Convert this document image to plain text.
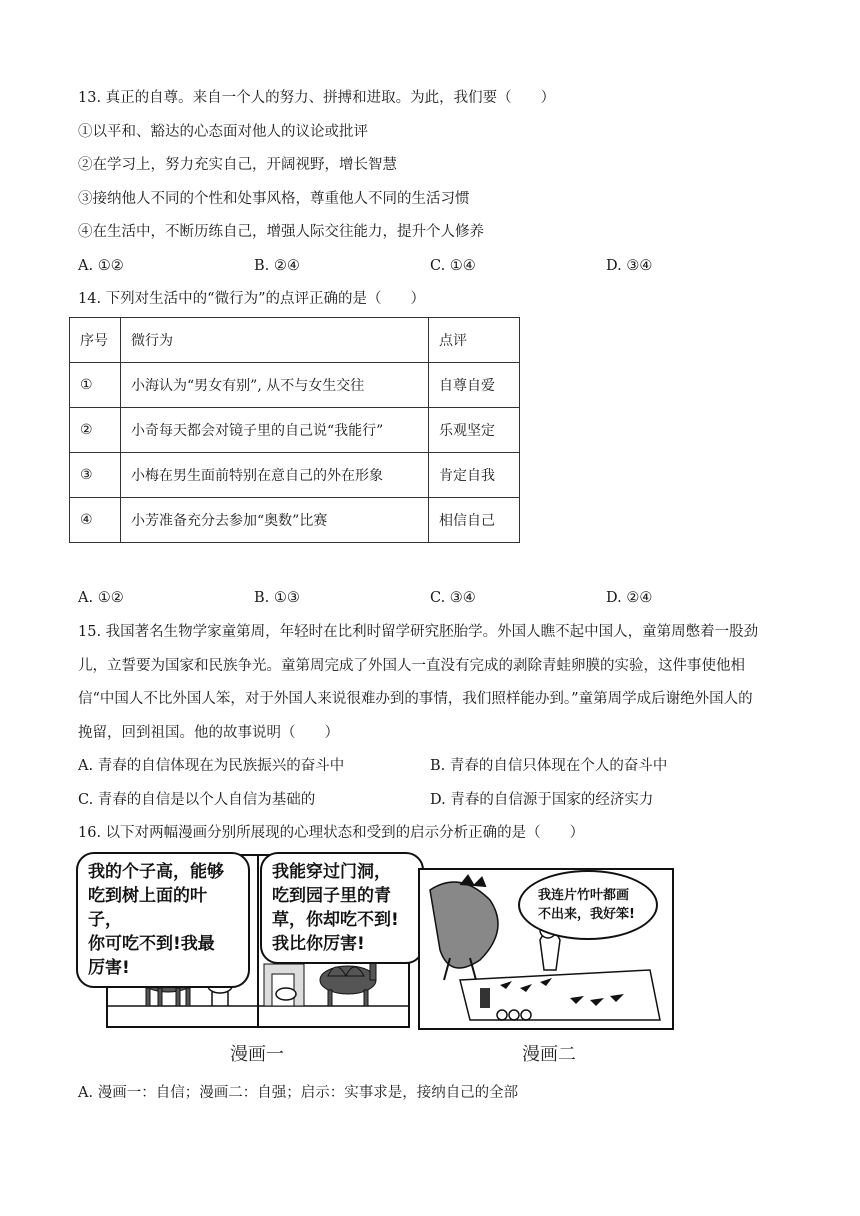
13. 真正的自尊。来自一个人的努力、拼搏和进取。为此，我们要（　　）
①以平和、豁达的心态面对他人的议论或批评
②在学习上，努力充实自己，开阔视野，增长智慧
③接纳他人不同的个性和处事风格，尊重他人不同的生活习惯
④在生活中，不断历练自己，增强人际交往能力，提升个人修养
A. ①②	B. ②④	C. ①④	D. ③④
14. 下列对生活中的“微行为”的点评正确的是（　　）
序号	微行为	点评
①	小海认为“男女有别”, 从不与女生交往	自尊自爱
②	小奇每天都会对镜子里的自己说“我能行”	乐观坚定
③	小梅在男生面前特别在意自己的外在形象	肯定自我
④	小芳准备充分去参加“奥数”比赛	相信自己
A. ①②	B. ①③	C. ③④	D. ②④
15. 我国著名生物学家童第周，年轻时在比利时留学研究胚胎学。外国人瞧不起中国人，童第周憋着一股劲
儿，立誓要为国家和民族争光。童第周完成了外国人一直没有完成的剥除青蛙卵膜的实验，这件事使他相
信“中国人不比外国人笨，对于外国人来说很难办到的事情，我们照样能办到。”童第周学成后谢绝外国人的
挽留，回到祖国。他的故事说明（　　）
A. 青春的自信体现在为民族振兴的奋斗中	B. 青春的自信只体现在个人的奋斗中
C. 青春的自信是以个人自信为基础的	D. 青春的自信源于国家的经济实力
16. 以下对两幅漫画分别所展现的心理状态和受到的启示分析正确的是（　　）
我的个子高，能够
吃到树上面的叶子，
你可吃不到!我最
厉害!
我能穿过门洞，
吃到园子里的青
草，你却吃不到!
我比你厉害!
漫画一
我连片竹叶都画
不出来，我好笨!
漫画二
A. 漫画一：自信；漫画二：自强；启示：实事求是，接纳自己的全部
